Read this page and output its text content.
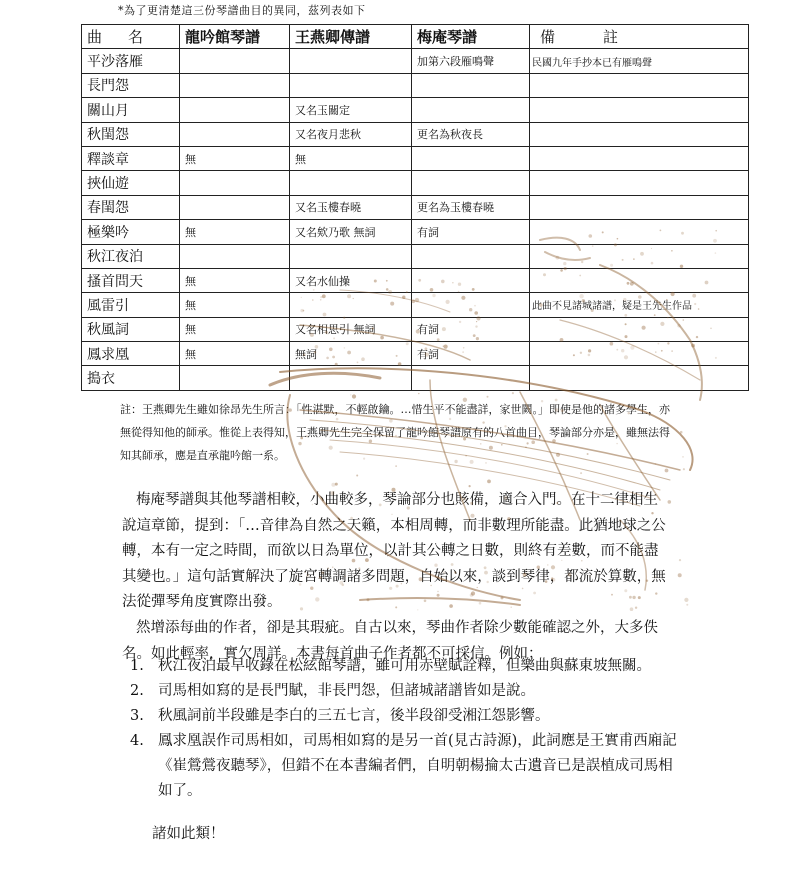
*為了更清楚這三份琴譜曲目的異同，茲列表如下
曲名	龍吟館琴譜	王燕卿傳譜	梅庵琴譜	備註
平沙落雁			加第六段雁鳴聲	民國九年手抄本已有雁鳴聲
長門怨				
關山月		又名玉關定		
秋閨怨		又名夜月悲秋	更名為秋夜長	
釋談章	無	無		
挾仙遊				
春閨怨		又名玉樓春曉	更名為玉樓春曉	
極樂吟	無	又名欸乃歌 無詞	有詞	
秋江夜泊				
搔首問天	無	又名水仙操		
風雷引	無			此曲不見諸城諸譜，疑是王先生作品
秋風詞	無	又名相思引 無詞	有詞	
鳳求凰	無	無詞	有詞	
搗衣				
註：王燕卿先生雖如徐昂先生所言：「性湛默，不輕啟鑰。…惜生平不能盡詳，家世闕。」即使是他的諸多學生，亦無從得知他的師承。惟從上表得知，王燕卿先生完全保留了龍吟館琴譜原有的八首曲目，琴論部分亦是，雖無法得知其師承，應是直承龍吟館一系。

梅庵琴譜與其他琴譜相較，小曲較多，琴論部分也賅備，適合入門。在十二律相生說這章節，提到：「…音律為自然之天籟，本相周轉，而非數理所能盡。此猶地球之公轉，本有一定之時間，而欲以日為單位，以計其公轉之日數，則終有差數，而不能盡其變也。」這句話實解決了旋宮轉調諸多問題，自始以來，談到琴律，都流於算數，無法從彈琴角度實際出發。

然增添每曲的作者，卻是其瑕疵。自古以來，琴曲作者除少數能確認之外，大多佚名。如此輕率，實欠周詳。本書每首曲子作者都不可採信。例如：

1. 秋江夜泊最早收錄在松絃館琴譜，雖可用赤壁賦詮釋，但樂曲與蘇東坡無關。
2. 司馬相如寫的是長門賦，非長門怨，但諸城諸譜皆如是說。
3. 秋風詞前半段雖是李白的三五七言，後半段卻受湘江怨影響。
4. 鳳求凰誤作司馬相如，司馬相如寫的是另一首(見古詩源)，此詞應是王實甫西廂記《崔鶯鶯夜聽琴》，但錯不在本書編者們，自明朝楊掄太古遺音已是誤植成司馬相如了。

諸如此類！
